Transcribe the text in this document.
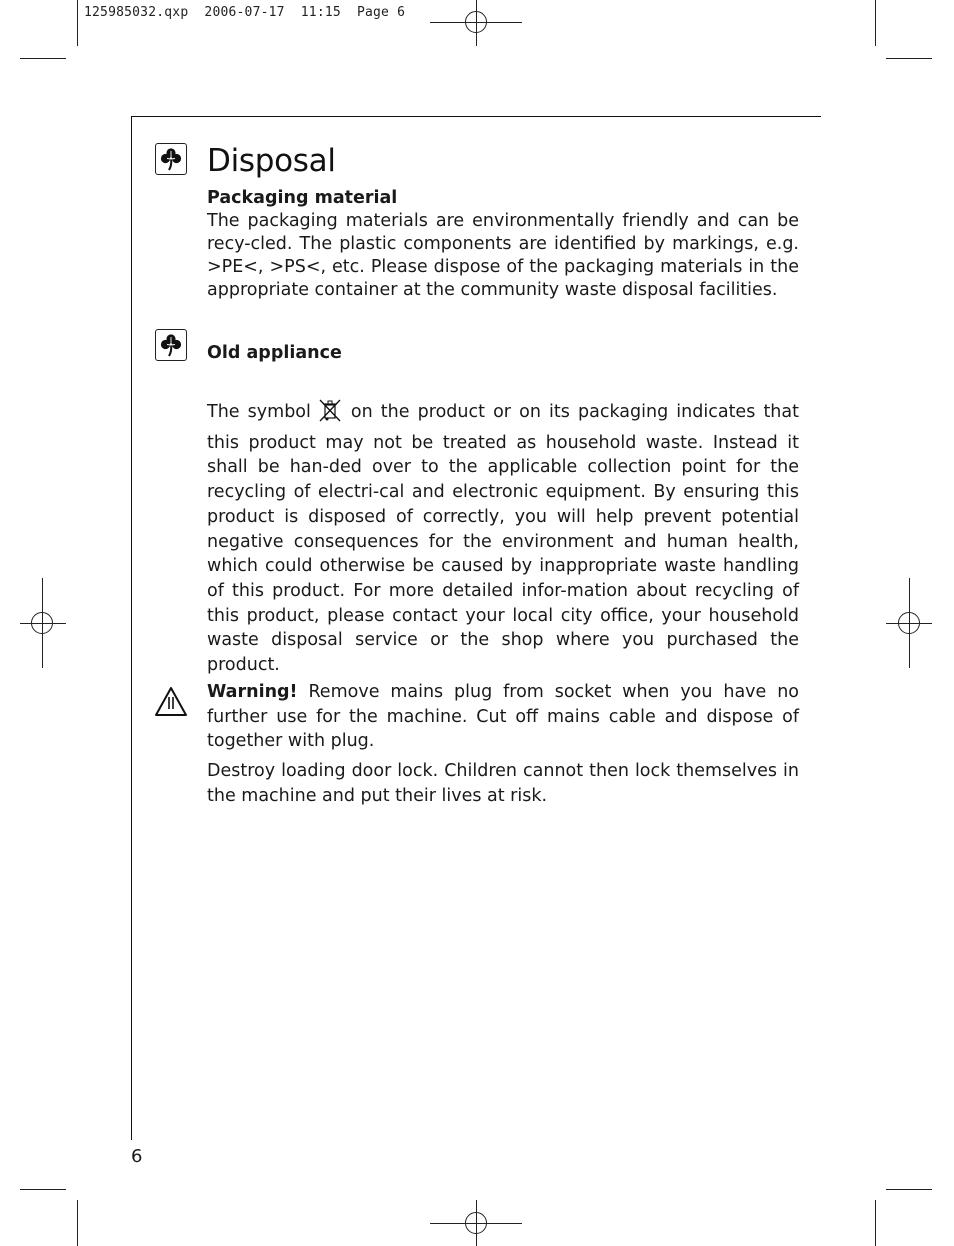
125985032.qxp 2006-07-17 11:15 Page 6
Disposal
Packaging material

The packaging materials are environmentally friendly and can be recy-cled. The plastic components are identified by markings, e.g. >PE<, >PS<, etc. Please dispose of the packaging materials in the appropriate container at the community waste disposal facilities.

Old appliance

The symbol on the product or on its packaging indicates that this product may not be treated as household waste. Instead it shall be han-ded over to the applicable collection point for the recycling of electri-cal and electronic equipment. By ensuring this product is disposed of correctly, you will help prevent potential negative consequences for the environment and human health, which could otherwise be caused by inappropriate waste handling of this product. For more detailed infor-mation about recycling of this product, please contact your local city office, your household waste disposal service or the shop where you purchased the product.

Warning! Remove mains plug from socket when you have no further use for the machine. Cut off mains cable and dispose of together with plug.

Destroy loading door lock. Children cannot then lock themselves in the machine and put their lives at risk.

6
